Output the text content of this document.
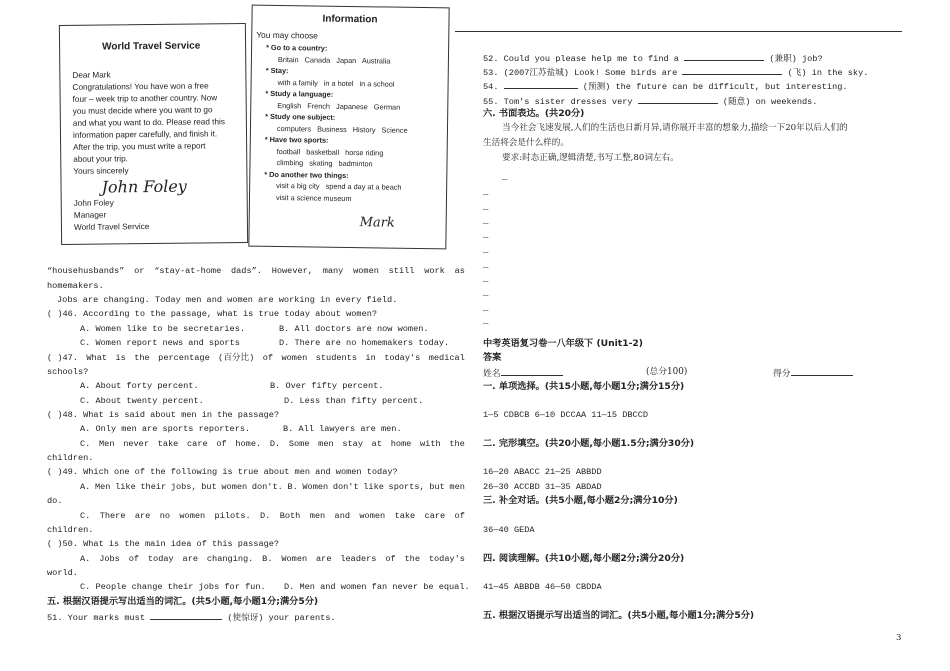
World Travel Service
Dear Mark
Congratulations! You have won a free
four – week trip to another country. Now
you must decide where you want to go
and what you want to do. Please read this
information paper carefully, and finish it.
After the trip, you must write a report
about your trip.
Yours sincerely
John Foley
John Foley
Manager
World Travel Service
Information
You may choose
* Go to a country:
Britain   Canada   Japan   Australia
* Stay:
with a family   in a hotel   in a school
* Study a language:
English   French   Japanese   German
* Study one subject:
computers   Business   History   Science
* Have two sports:
football   basketball   horse riding
climbing   skating   badminton
* Do another two things:
visit a big city   spend a day at a beach
visit a science museum
Mark
“househusbands” or “stay-at-home dads”. However, many women still work as
homemakers.
Jobs are changing. Today men and women are working in every field.
( )46. According to the passage, what is true today about women?
A. Women like to be secretaries.	B. All doctors are now women.
C. Women report news and sports	D. There are no homemakers today.
( )47. What is the percentage (百分比) of women students in today's medical
schools?
A. About forty percent.	B. Over fifty percent.
C. About twenty percent.	D. Less than fifty percent.
( )48. What is said about men in the passage?
A. Only men are sports reporters.	B. All lawyers are men.
C. Men never take care of home. D. Some men stay at home with the
children.
( )49. Which one of the following is true about men and women today?
A. Men like their jobs, but women don't. B. Women don't like sports, but men
do.
C. There are no women pilots. D. Both men and women take care of
children.
( )50. What is the main idea of this passage?
A. Jobs of today are changing. B. Women are leaders of the today's
world.
C. People change their jobs for fun. D. Men and women fan never be equal.
五. 根据汉语提示写出适当的词汇。(共5小题,每小题1分;满分5分)
51. Your marks must	(使惊讶) your parents.
52. Could you please help me to find a	(兼职) job?
53. (2007江苏盐城) Look! Some birds are	(飞) in the sky.
54.	(预测) the future can be difficult, but interesting.
55. Tom's sister dresses very	(随意) on weekends.
六. 书面表达。(共20分)
当今社会飞速发展,人们的生活也日新月异,请你展开丰富的想象力,描绘一下20年以后人们的
生活将会是什么样的。
要求:时态正确,逻辑清楚,书写工整,80词左右。
_
_
_
_
_
_
_
_
_
_
_
中考英语复习卷一八年级下 (Unit1-2)
答案
姓名	(总分100)	得分
一. 单项选择。(共15小题,每小题1分;满分15分)
1—5 CDBCB 6—10 DCCAA 11—15 DBCCD
二. 完形填空。(共20小题,每小题1.5分;满分30分)
16—20 ABACC 21—25 ABBDD
26—30 ACCBD 31—35 ABDAD
三. 补全对话。(共5小题,每小题2分;满分10分)
36—40 GEDA
四. 阅读理解。(共10小题,每小题2分;满分20分)
41—45 ABBDB 46—50 CBDDA
五. 根据汉语提示写出适当的词汇。(共5小题,每小题1分;满分5分)
3
